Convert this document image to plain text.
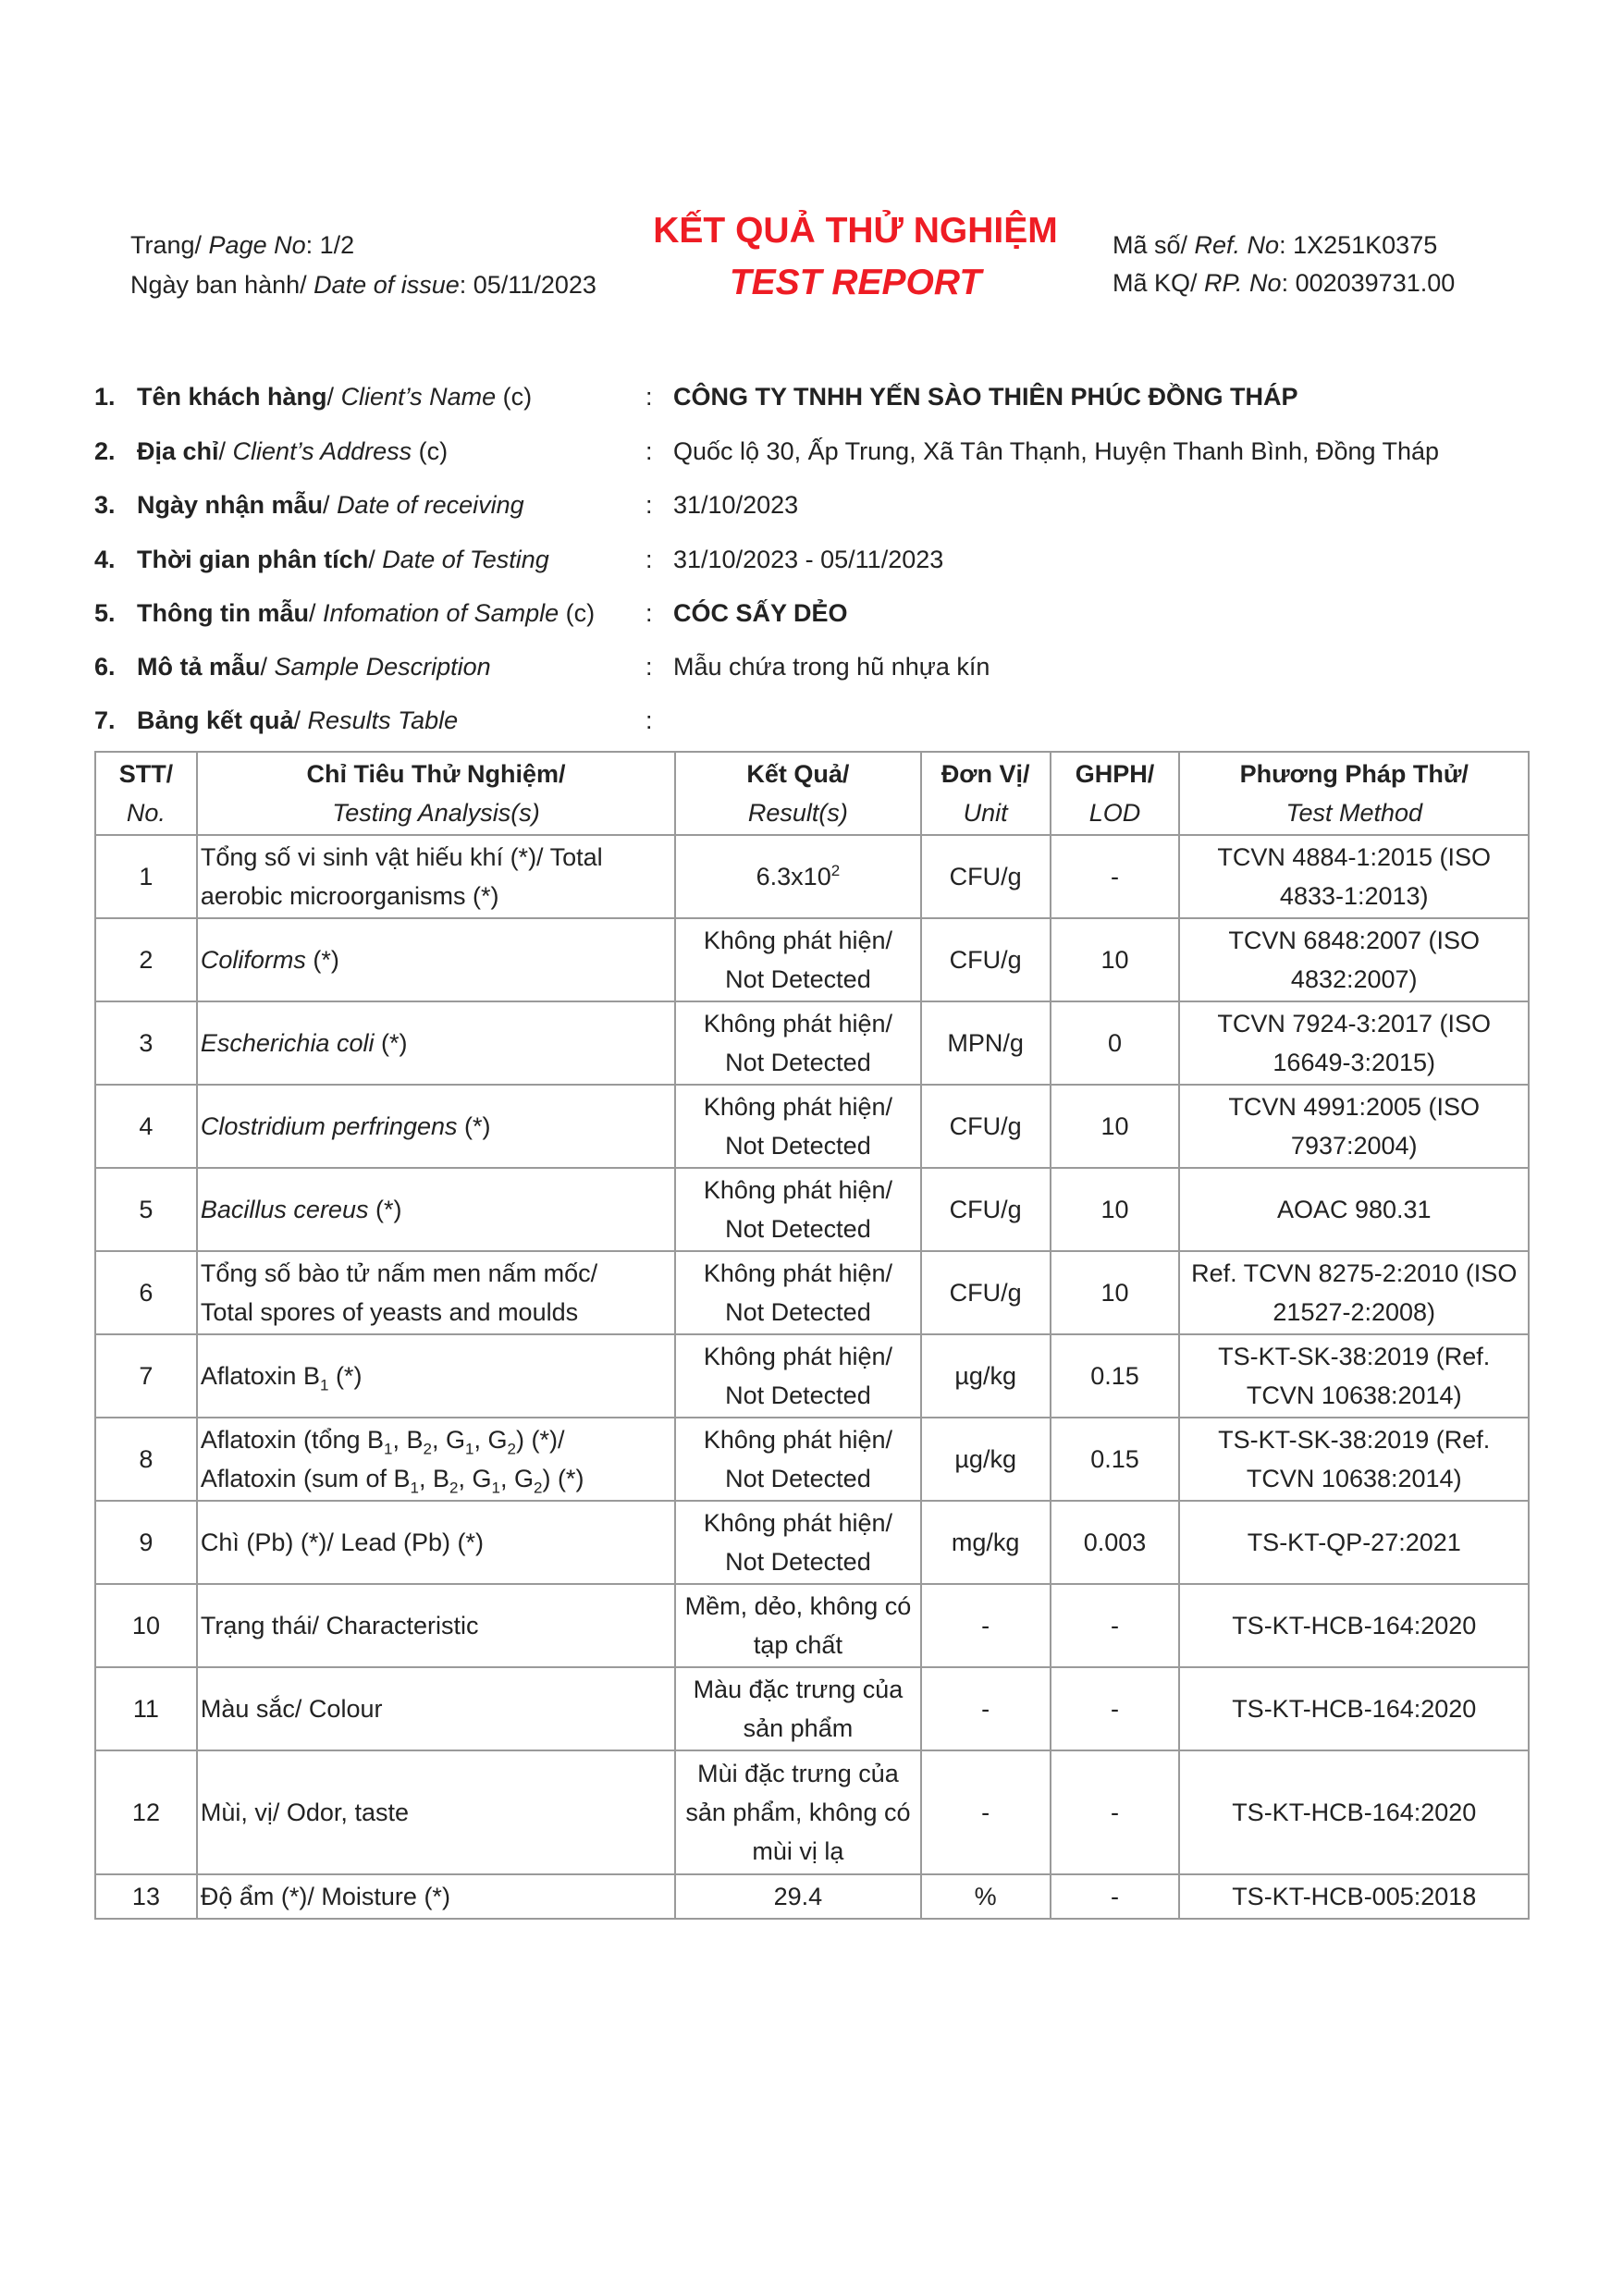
Trang/ Page No: 1/2
Ngày ban hành/ Date of issue: 05/11/2023
KẾT QUẢ THỬ NGHIỆM
TEST REPORT
Mã số/ Ref. No: 1X251K0375
Mã KQ/ RP. No: 002039731.00
1. Tên khách hàng/ Client’s Name (c)	: CÔNG TY TNHH YẾN SÀO THIÊN PHÚC ĐỒNG THÁP
2. Địa chỉ/ Client’s Address (c)	: Quốc lộ 30, Ấp Trung, Xã Tân Thạnh, Huyện Thanh Bình, Đồng Tháp
3. Ngày nhận mẫu/ Date of receiving	: 31/10/2023
4. Thời gian phân tích/ Date of Testing	: 31/10/2023 - 05/11/2023
5. Thông tin mẫu/ Infomation of Sample (c) : CÓC SẤY DẺO
6. Mô tả mẫu/ Sample Description	: Mẫu chứa trong hũ nhựa kín
7. Bảng kết quả/ Results Table	:
STT/
No.	Chỉ Tiêu Thử Nghiệm/
Testing Analysis(s)	Kết Quả/
Result(s)	Đơn Vị/
Unit	GHPH/
LOD	Phương Pháp Thử/
Test Method
1	Tổng số vi sinh vật hiếu khí (*)/ Total
aerobic microorganisms (*)	$6.3x10^2$	CFU/g	-	TCVN 4884-1:2015 (ISO
4833-1:2013)
2	Coliforms (*)	Không phát hiện/
Not Detected	CFU/g	10	TCVN 6848:2007 (ISO
4832:2007)
3	Escherichia coli (*)	Không phát hiện/
Not Detected	MPN/g	0	TCVN 7924-3:2017 (ISO
16649-3:2015)
4	Clostridium perfringens (*)	Không phát hiện/
Not Detected	CFU/g	10	TCVN 4991:2005 (ISO
7937:2004)
5	Bacillus cereus (*)	Không phát hiện/
Not Detected	CFU/g	10	AOAC 980.31
6	Tổng số bào tử nấm men nấm mốc/
Total spores of yeasts and moulds	Không phát hiện/
Not Detected	CFU/g	10	Ref. TCVN 8275-2:2010 (ISO
21527-2:2008)
7	Aflatoxin $B_1$ (*)	Không phát hiện/
Not Detected	µg/kg	0.15	TS-KT-SK-38:2019 (Ref.
TCVN 10638:2014)
8	Aflatoxin (tổng $B_1$, $B_2$, $G_1$, $G_2$) (*)/
Aflatoxin (sum of $B_1$, $B_2$, $G_1$, $G_2$) (*)	Không phát hiện/
Not Detected	µg/kg	0.15	TS-KT-SK-38:2019 (Ref.
TCVN 10638:2014)
9	Chì (Pb) (*)/ Lead (Pb) (*)	Không phát hiện/
Not Detected	mg/kg	0.003	TS-KT-QP-27:2021
10	Trạng thái/ Characteristic	Mềm, dẻo, không có
tạp chất	-	-	TS-KT-HCB-164:2020
11	Màu sắc/ Colour	Màu đặc trưng của
sản phẩm	-	-	TS-KT-HCB-164:2020
12	Mùi, vị/ Odor, taste	Mùi đặc trưng của
sản phẩm, không có
mùi vị lạ	-	-	TS-KT-HCB-164:2020
13	Độ ẩm (*)/ Moisture (*)	29.4	%	-	TS-KT-HCB-005:2018
